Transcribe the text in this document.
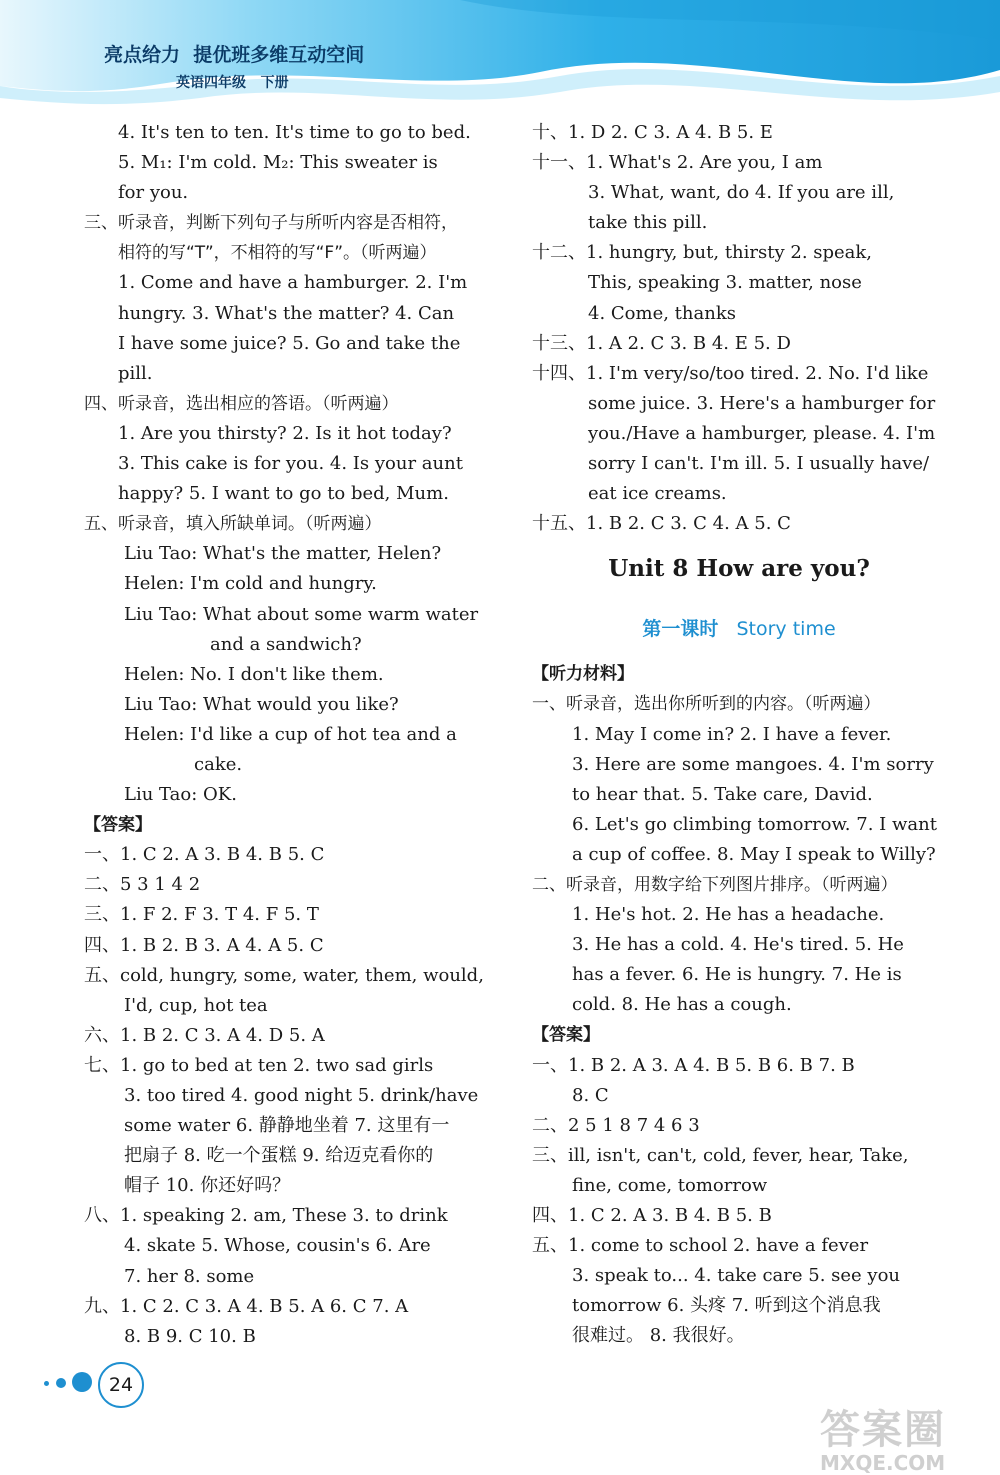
亮点给力  提优班多维互动空间
英语四年级   下册
4. It's ten to ten. It's time to go to bed.
5. M₁: I'm cold. M₂: This sweater is
for you.
三、听录音，判断下列句子与所听内容是否相符，
相符的写“T”，不相符的写“F”。（听两遍）
1. Come and have a hamburger. 2. I'm
hungry. 3. What's the matter? 4. Can
I have some juice? 5. Go and take the
pill.
四、听录音，选出相应的答语。（听两遍）
1. Are you thirsty? 2. Is it hot today?
3. This cake is for you. 4. Is your aunt
happy? 5. I want to go to bed, Mum.
五、听录音，填入所缺单词。（听两遍）
Liu Tao: What's the matter, Helen?
Helen: I'm cold and hungry.
Liu Tao: What about some warm water
and a sandwich?
Helen: No. I don't like them.
Liu Tao: What would you like?
Helen: I'd like a cup of hot tea and a
cake.
Liu Tao: OK.
【答案】
一、1. C 2. A 3. B 4. B 5. C
二、5 3 1 4 2
三、1. F 2. F 3. T 4. F 5. T
四、1. B 2. B 3. A 4. A 5. C
五、cold, hungry, some, water, them, would,
I'd, cup, hot tea
六、1. B 2. C 3. A 4. D 5. A
七、1. go to bed at ten 2. two sad girls
3. too tired 4. good night 5. drink/have
some water 6. 静静地坐着 7. 这里有一
把扇子 8. 吃一个蛋糕 9. 给迈克看你的
帽子 10. 你还好吗？
八、1. speaking 2. am, These 3. to drink
4. skate 5. Whose, cousin's 6. Are
7. her 8. some
九、1. C 2. C 3. A 4. B 5. A 6. C 7. A
8. B 9. C 10. B
十、1. D 2. C 3. A 4. B 5. E
十一、1. What's 2. Are you, I am
3. What, want, do 4. If you are ill,
take this pill.
十二、1. hungry, but, thirsty 2. speak,
This, speaking 3. matter, nose
4. Come, thanks
十三、1. A 2. C 3. B 4. E 5. D
十四、1. I'm very/so/too tired. 2. No. I'd like
some juice. 3. Here's a hamburger for
you./Have a hamburger, please. 4. I'm
sorry I can't. I'm ill. 5. I usually have/
eat ice creams.
十五、1. B 2. C 3. C 4. A 5. C
Unit 8 How are you?
第一课时 Story time
【听力材料】
一、听录音，选出你所听到的内容。（听两遍）
1. May I come in? 2. I have a fever.
3. Here are some mangoes. 4. I'm sorry
to hear that. 5. Take care, David.
6. Let's go climbing tomorrow. 7. I want
a cup of coffee. 8. May I speak to Willy?
二、听录音，用数字给下列图片排序。（听两遍）
1. He's hot. 2. He has a headache.
3. He has a cold. 4. He's tired. 5. He
has a fever. 6. He is hungry. 7. He is
cold. 8. He has a cough.
【答案】
一、1. B 2. A 3. A 4. B 5. B 6. B 7. B
8. C
二、2 5 1 8 7 4 6 3
三、ill, isn't, can't, cold, fever, hear, Take,
fine, come, tomorrow
四、1. C 2. A 3. B 4. B 5. B
五、1. come to school 2. have a fever
3. speak to... 4. take care 5. see you
tomorrow 6. 头疼 7. 听到这个消息我
很难过。 8. 我很好。
24
答案圈
MXQE.COM
